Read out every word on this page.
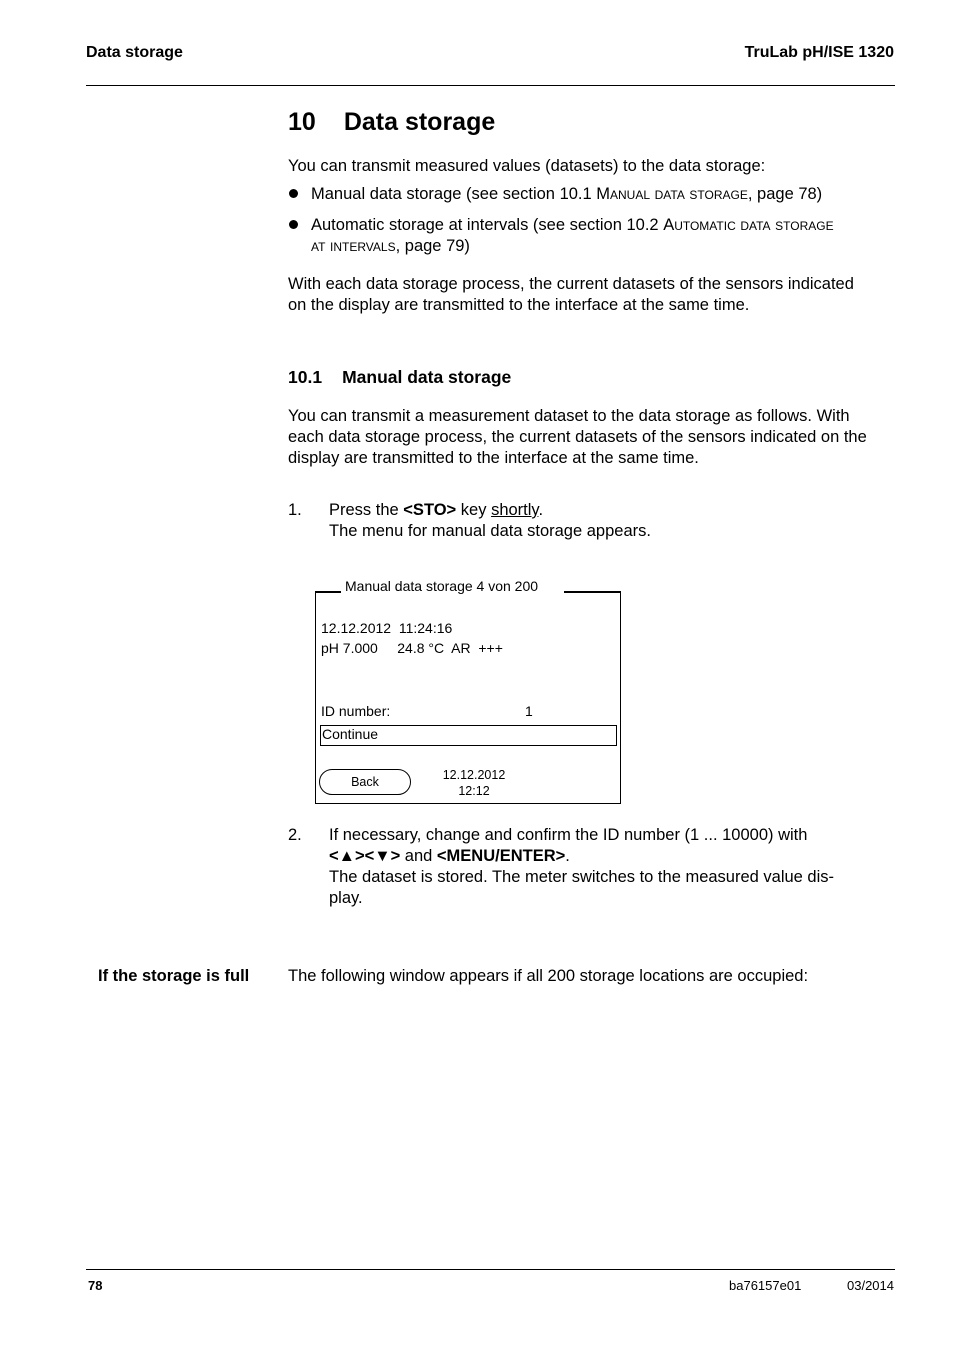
Data storage	TruLab pH/ISE 1320
10 Data storage
You can transmit measured values (datasets) to the data storage:
Manual data storage (see section 10.1 Manual data storage, page 78)
Automatic storage at intervals (see section 10.2 Automatic data storage
at intervals, page 79)
With each data storage process, the current datasets of the sensors indicated
on the display are transmitted to the interface at the same time.
10.1 Manual data storage
You can transmit a measurement dataset to the data storage as follows. With
each data storage process, the current datasets of the sensors indicated on the
display are transmitted to the interface at the same time.
1. Press the <STO> key shortly.
The menu for manual data storage appears.
Manual data storage 4 von 200
12.12.2012  11:24:16
pH 7.000     24.8 °C  AR  +++
ID number:	1
Continue
Back	12.12.2012
12:12
2. If necessary, change and confirm the ID number (1 ... 10000) with
<▲><▼> and <MENU/ENTER>.
The dataset is stored. The meter switches to the measured value dis-
play.
If the storage is full The following window appears if all 200 storage locations are occupied:
78	ba76157e01	03/2014
